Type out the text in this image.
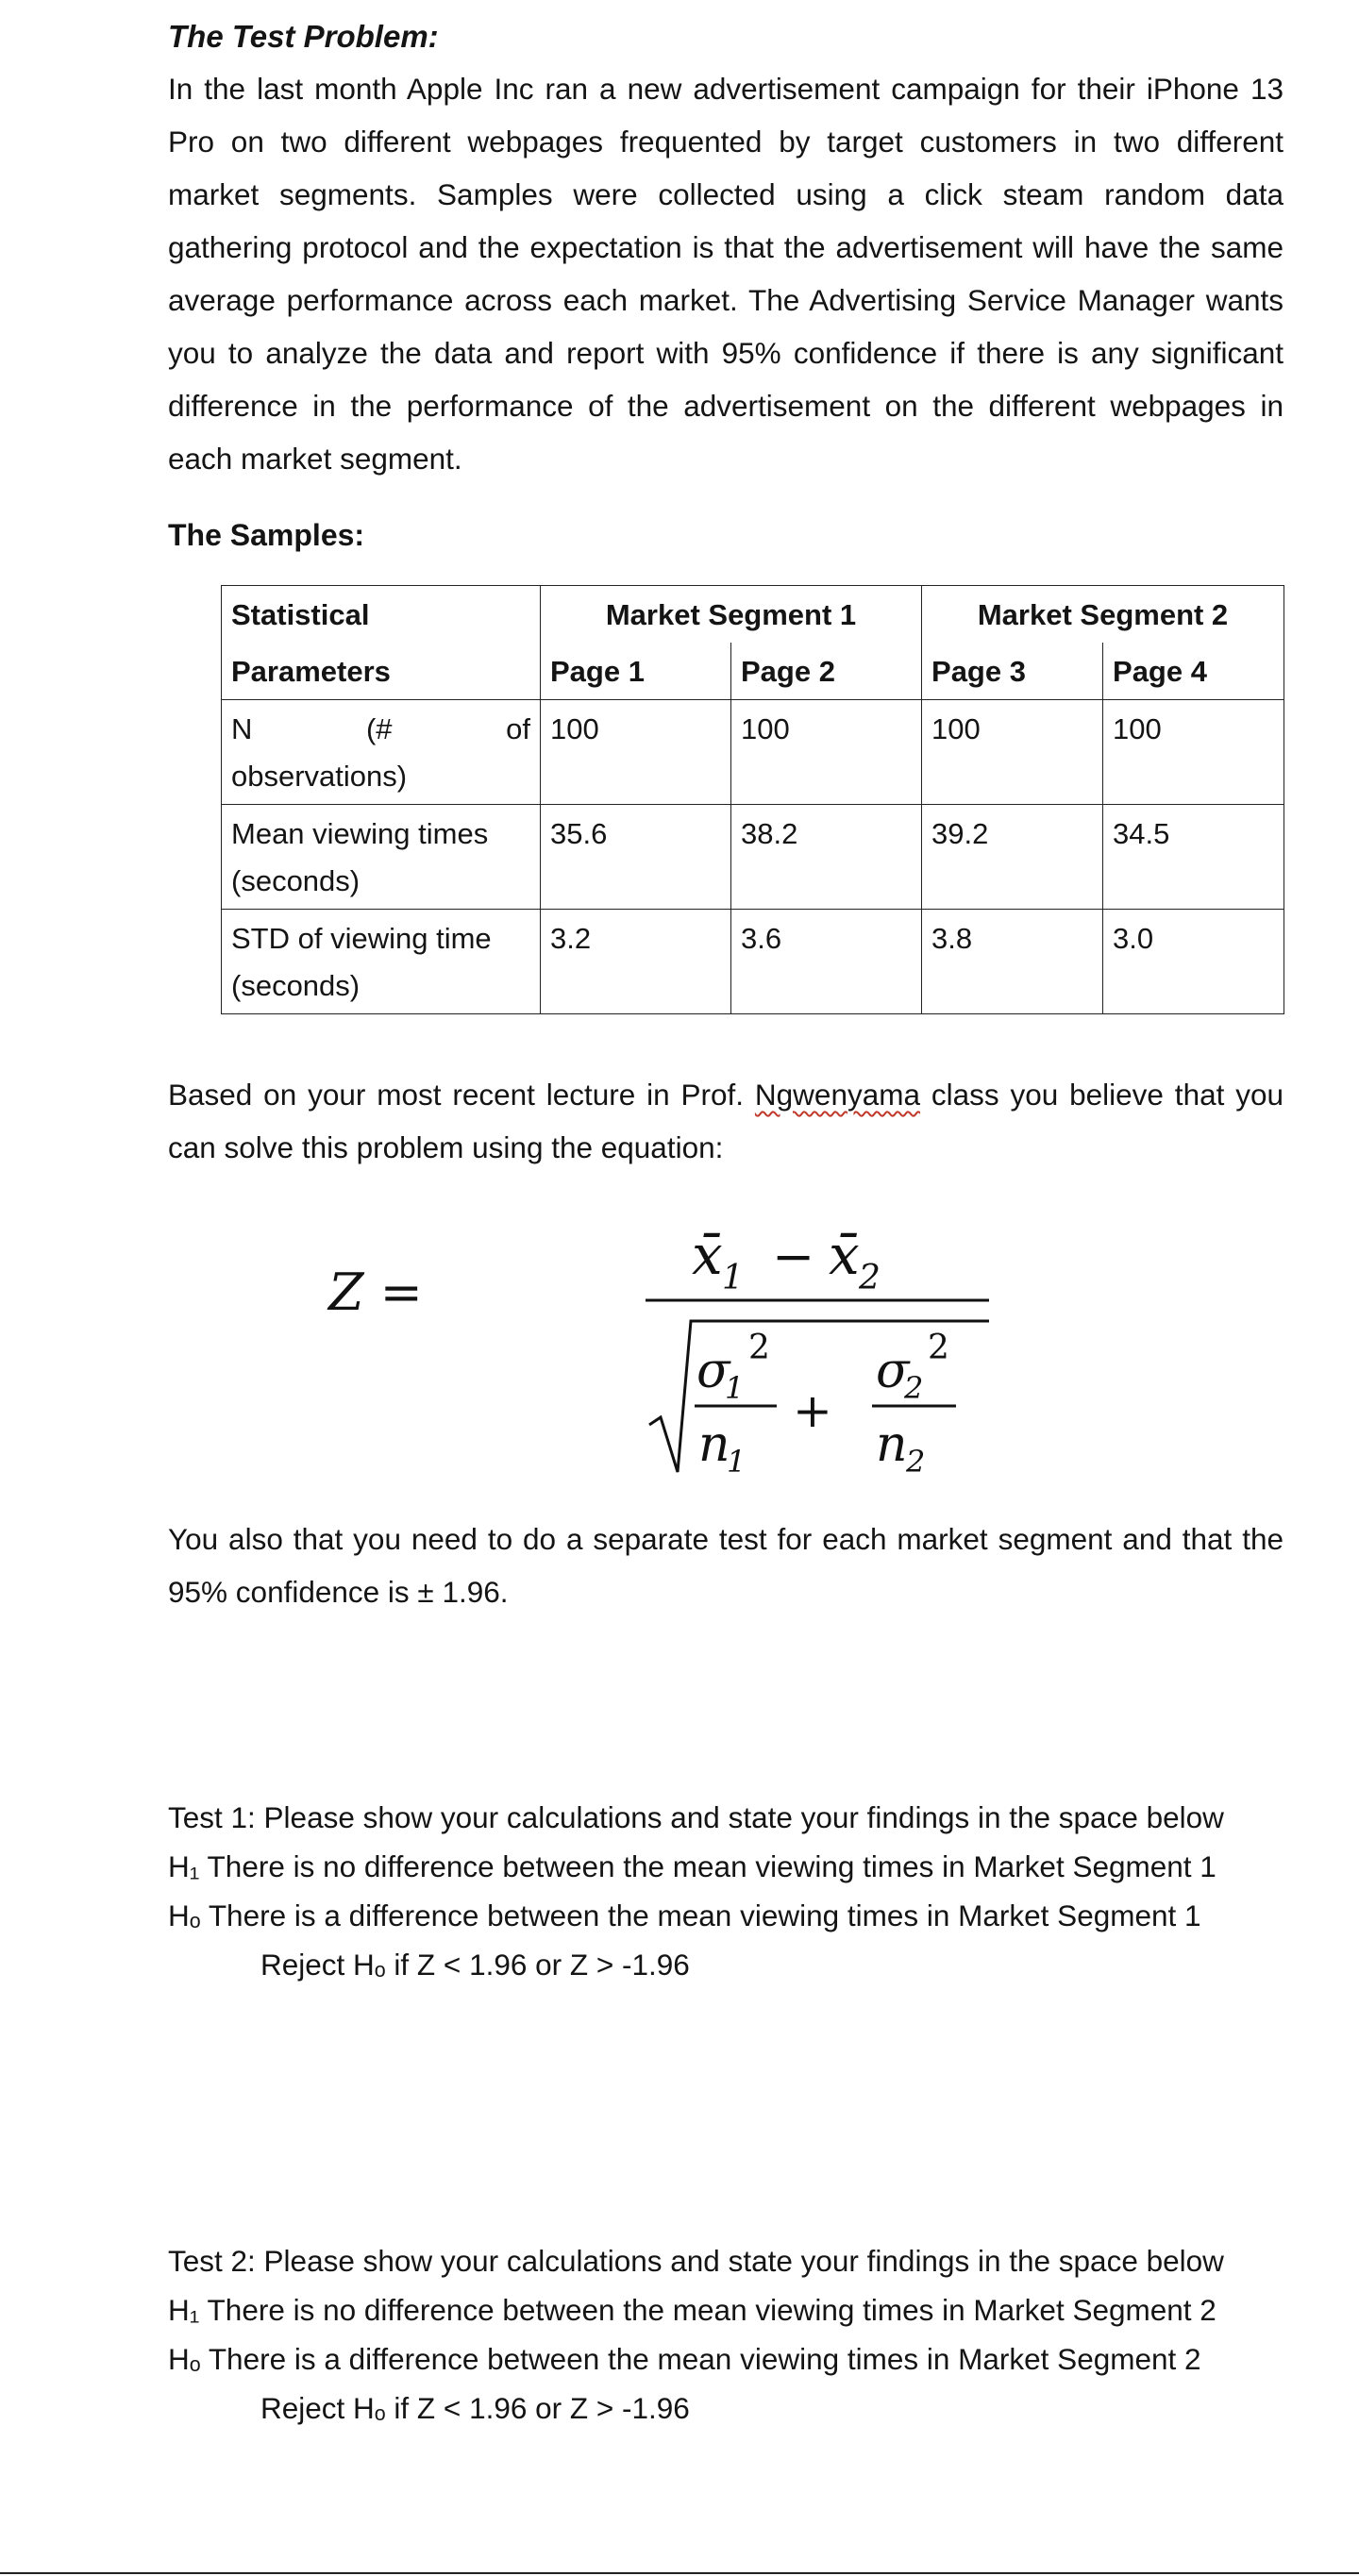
The Test Problem:

In the last month Apple Inc ran a new advertisement campaign for their iPhone 13 Pro on two different webpages frequented by target customers in two different market segments. Samples were collected using a click steam random data gathering protocol and the expectation is that the advertisement will have the same average performance across each market. The Advertising Service Manager wants you to analyze the data and report with 95% confidence if there is any significant difference in the performance of the advertisement on the different webpages in each market segment.

The Samples:
Statistical	Market Segment 1		Market Segment 2	
Parameters	Page 1	Page 2	Page 3	Page 4

N (# of
observations)	100	100	100	100

Mean viewing times
(seconds)	35.6	38.2	39.2	34.5

STD of viewing time
(seconds)	3.2	3.6	3.8	3.0

Based on your most recent lecture in Prof. Ngwenyama class you believe that you can solve this problem using the equation:

Z =
x̄ 1 − x̄ 2
σ
1
2
n
1
+
σ
2
2
n
2

You also that you need to do a separate test for each market segment and that the 95% confidence is ± 1.96.

Test 1: Please show your calculations and state your findings in the space below

H₁ There is no difference between the mean viewing times in Market Segment 1

Hₒ There is a difference between the mean viewing times in Market Segment 1

Reject Hₒ if Z < 1.96 or Z > -1.96

Test 2: Please show your calculations and state your findings in the space below

H₁ There is no difference between the mean viewing times in Market Segment 2

Hₒ There is a difference between the mean viewing times in Market Segment 2

Reject Hₒ if Z < 1.96 or Z > -1.96
